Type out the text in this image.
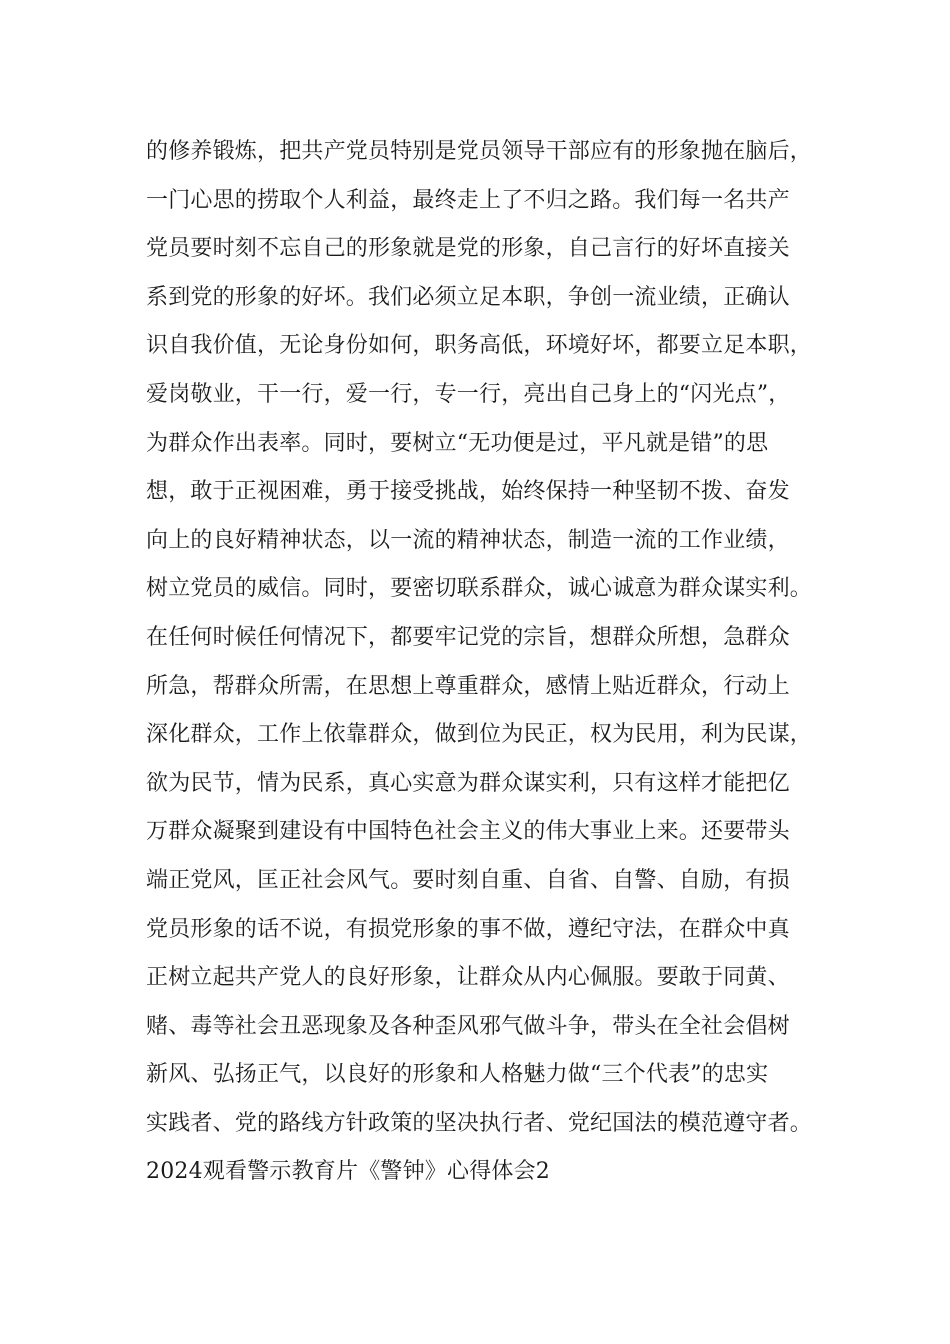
的修养锻炼，把共产党员特别是党员领导干部应有的形象抛在脑后，
一门心思的捞取个人利益，最终走上了不归之路。我们每一名共产
党员要时刻不忘自己的形象就是党的形象，自己言行的好坏直接关
系到党的形象的好坏。我们必须立足本职，争创一流业绩，正确认
识自我价值，无论身份如何，职务高低，环境好坏，都要立足本职，
爱岗敬业，干一行，爱一行，专一行，亮出自己身上的“闪光点”，
为群众作出表率。同时，要树立“无功便是过，平凡就是错”的思
想，敢于正视困难，勇于接受挑战，始终保持一种坚韧不拨、奋发
向上的良好精神状态，以一流的精神状态，制造一流的工作业绩，
树立党员的威信。同时，要密切联系群众，诚心诚意为群众谋实利。
在任何时候任何情况下，都要牢记党的宗旨，想群众所想，急群众
所急，帮群众所需，在思想上尊重群众，感情上贴近群众，行动上
深化群众，工作上依靠群众，做到位为民正，权为民用，利为民谋，
欲为民节，情为民系，真心实意为群众谋实利，只有这样才能把亿
万群众凝聚到建设有中国特色社会主义的伟大事业上来。还要带头
端正党风，匡正社会风气。要时刻自重、自省、自警、自励，有损
党员形象的话不说，有损党形象的事不做，遵纪守法，在群众中真
正树立起共产党人的良好形象，让群众从内心佩服。要敢于同黄、
赌、毒等社会丑恶现象及各种歪风邪气做斗争，带头在全社会倡树
新风、弘扬正气，以良好的形象和人格魅力做“三个代表”的忠实
实践者、党的路线方针政策的坚决执行者、党纪国法的模范遵守者。
2024观看警示教育片《警钟》心得体会2
